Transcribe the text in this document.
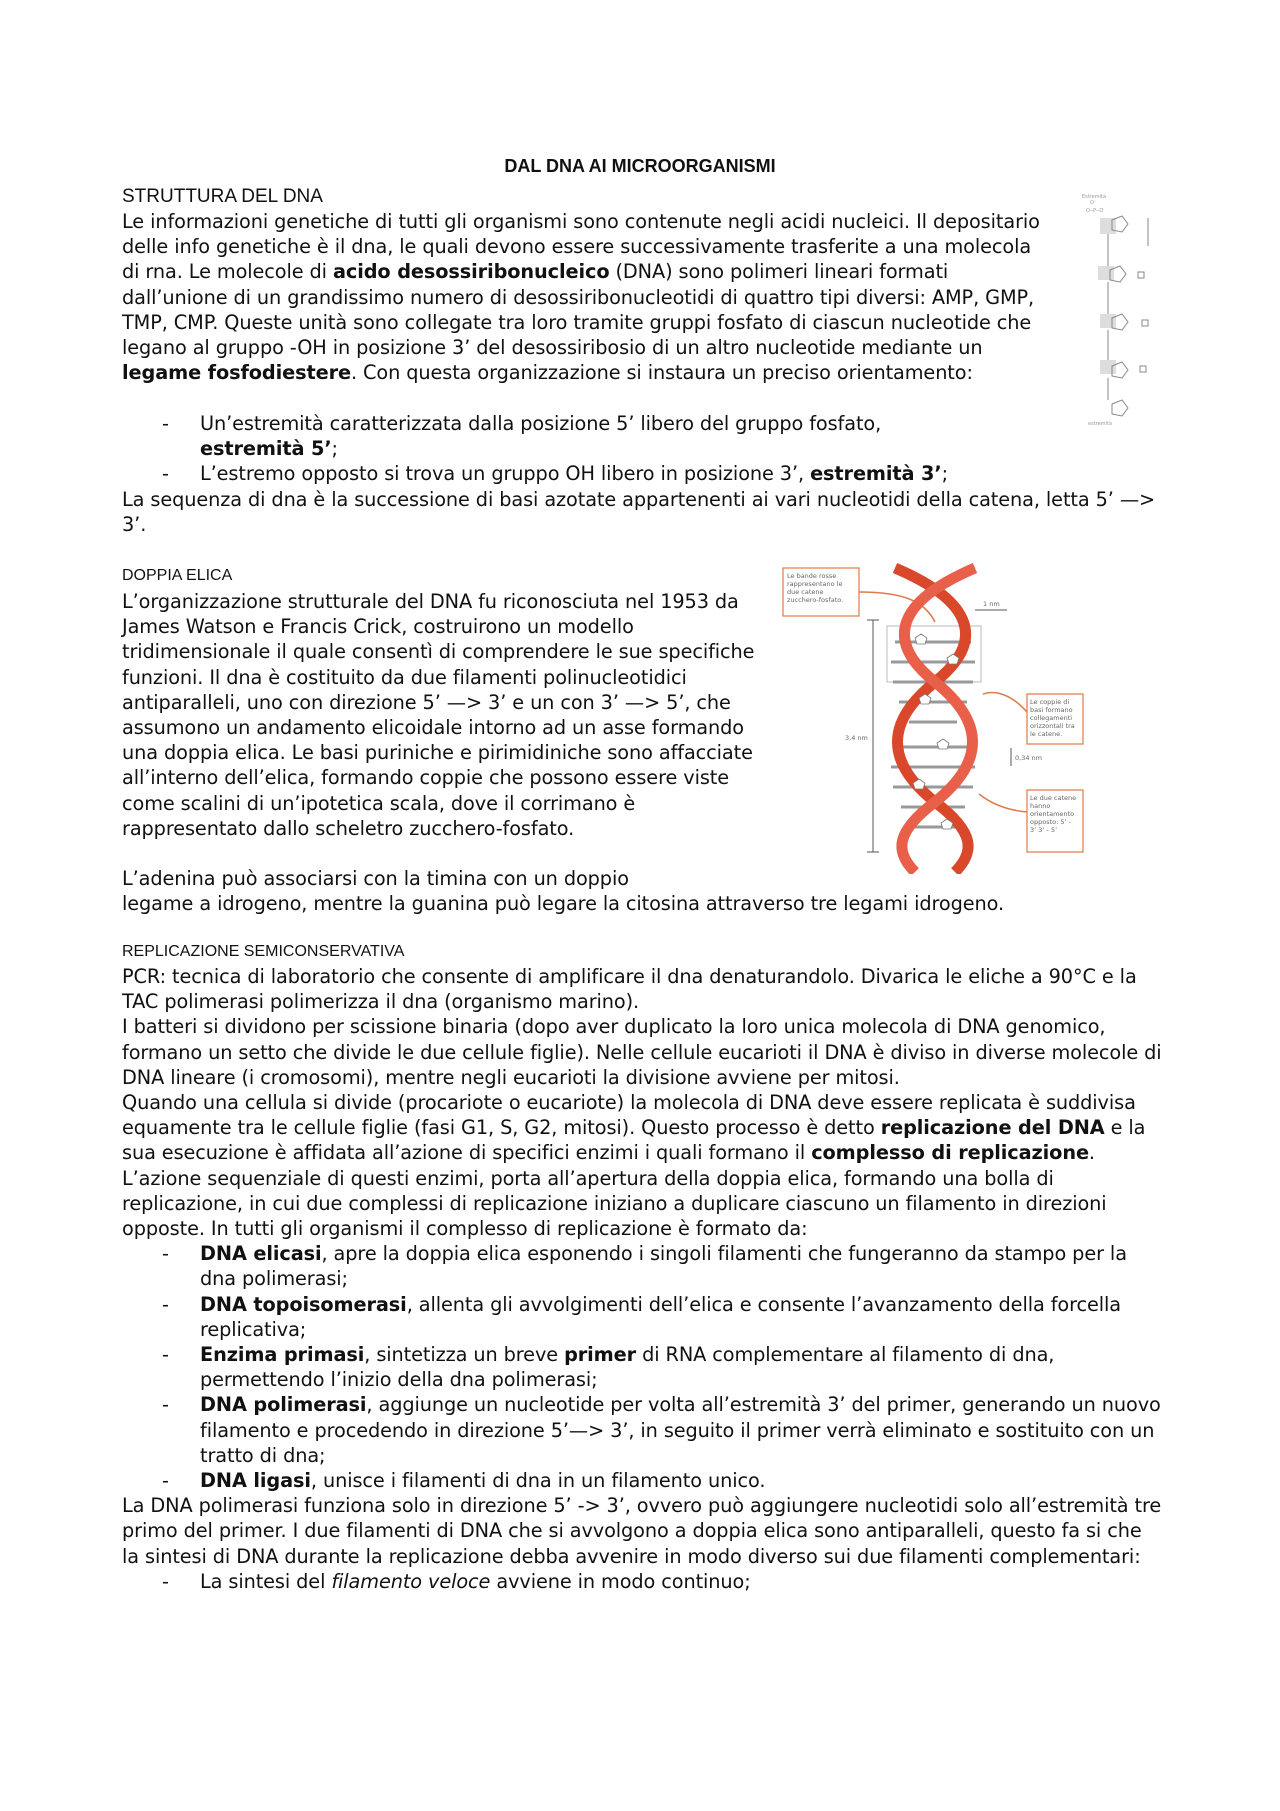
DAL DNA AI MICROORGANISMI
STRUTTURA DEL DNA	Estremità
O⁻
O‒P‒O
estremità

Le informazioni genetiche di tutti gli organismi sono contenute negli acidi nucleici. Il depositario delle info genetiche è il dna, le quali devono essere successivamente trasferite a una molecola di rna. Le molecole di acido desossiribonucleico (DNA) sono polimeri lineari formati dall’unione di un grandissimo numero di desossiribonucleotidi di quattro tipi diversi: AMP, GMP, TMP, CMP. Queste unità sono collegate tra loro tramite gruppi fosfato di ciascun nucleotide che legano al gruppo -OH in posizione 3’ del desossiribosio di un altro nucleotide mediante un legame fosfodiestere. Con questa organizzazione si instaura un preciso orientamento:

- Un’estremità caratterizzata dalla posizione 5’ libero del gruppo fosfato, estremità 5’;
- L’estremo opposto si trova un gruppo OH libero in posizione 3’, estremità 3’;

La sequenza di dna è la successione di basi azotate appartenenti ai vari nucleotidi della catena, letta 5’ —> 3’.

DOPPIA ELICA
L’organizzazione strutturale del DNA fu riconosciuta nel 1953 da James Watson e Francis Crick, costruirono un modello tridimensionale il quale consentì di comprendere le sue specifiche funzioni. Il dna è costituito da due filamenti polinucleotidici antiparalleli, uno con direzione 5’ —> 3’ e un con 3’ —> 5’, che assumono un andamento elicoidale intorno ad un asse formando una doppia elica. Le basi puriniche e pirimidiniche sono affacciate all’interno dell’elica, formando coppie che possono essere viste come scalini di un’ipotetica scala, dove il corrimano è rappresentato dallo scheletro zucchero-fosfato.

L’adenina può associarsi con la timina con un doppio

legame a idrogeno, mentre la guanina può legare la citosina attraverso tre legami idrogeno.

Le bande rosse rappresentano le due catene zucchero-fosfato.	1 nm
Le coppie di basi formano collegamenti orizzontali tra le catene.
3,4 nm
0,34 nm
Le due catene hanno orientamento opposto: 5’ -3’ 3’ - 5’
REPLICAZIONE SEMICONSERVATIVA

PCR: tecnica di laboratorio che consente di amplificare il dna denaturandolo. Divarica le eliche a 90°C e la TAC polimerasi polimerizza il dna (organismo marino).

I batteri si dividono per scissione binaria (dopo aver duplicato la loro unica molecola di DNA genomico, formano un setto che divide le due cellule figlie). Nelle cellule eucarioti il DNA è diviso in diverse molecole di DNA lineare (i cromosomi), mentre negli eucarioti la divisione avviene per mitosi.

Quando una cellula si divide (procariote o eucariote) la molecola di DNA deve essere replicata è suddivisa equamente tra le cellule figlie (fasi G1, S, G2, mitosi). Questo processo è detto replicazione del DNA e la sua esecuzione è affidata all’azione di specifici enzimi i quali formano il complesso di replicazione. L’azione sequenziale di questi enzimi, porta all’apertura della doppia elica, formando una bolla di replicazione, in cui due complessi di replicazione iniziano a duplicare ciascuno un filamento in direzioni opposte. In tutti gli organismi il complesso di replicazione è formato da:

- DNA elicasi, apre la doppia elica esponendo i singoli filamenti che fungeranno da stampo per la dna polimerasi;
- DNA topoisomerasi, allenta gli avvolgimenti dell’elica e consente l’avanzamento della forcella replicativa;
- Enzima primasi, sintetizza un breve primer di RNA complementare al filamento di dna, permettendo l’inizio della dna polimerasi;
- DNA polimerasi, aggiunge un nucleotide per volta all’estremità 3’ del primer, generando un nuovo filamento e procedendo in direzione 5’—> 3’, in seguito il primer verrà eliminato e sostituito con un tratto di dna;
- DNA ligasi, unisce i filamenti di dna in un filamento unico.

La DNA polimerasi funziona solo in direzione 5’ -> 3’, ovvero può aggiungere nucleotidi solo all’estremità tre primo del primer. I due filamenti di DNA che si avvolgono a doppia elica sono antiparalleli, questo fa si che la sintesi di DNA durante la replicazione debba avvenire in modo diverso sui due filamenti complementari:

- La sintesi del filamento veloce avviene in modo continuo;
